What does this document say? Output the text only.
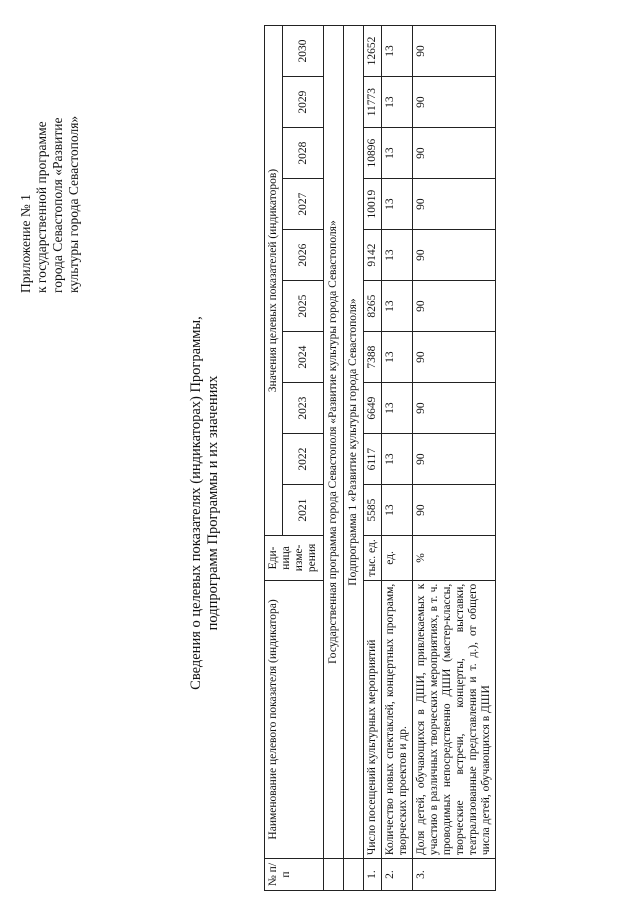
Приложение № 1 к государственной программе города Севастополя «Развитие культуры города Севастополя»
Сведения о целевых показателях (индикаторах) Программы, подпрограмм Программы и их значениях
№ п/п	Наименование целевого показателя (индикатора)	Еди-ница изме-рения	Значения целевых показателей (индикаторов)									
			2021	2022	2023	2024	2025	2026	2027	2028	2029	2030
	Государственная программа города Севастополя «Развитие культуры города Севастополя»											
	Подпрограмма 1 «Развитие культуры города Севастополя»											
1.	Число посещений культурных мероприятий	тыс. ед.	5585	6117	6649	7388	8265	9142	10019	10896	11773	12652
2.	Количество новых спектаклей, концертных программ, творческих проектов и др.	ед.	13	13	13	13	13	13	13	13	13	13
3.	Доля детей, обучающихся в ДШИ, привлекаемых к участию в различных творческих мероприятиях, в т. ч. проводимых непосредственно ДШИ (мастер-классы, творческие встречи, концерты, выставки, театрализованные представления и т. д.), от общего числа детей, обучающихся в ДШИ	%	90	90	90	90	90	90	90	90	90	90
